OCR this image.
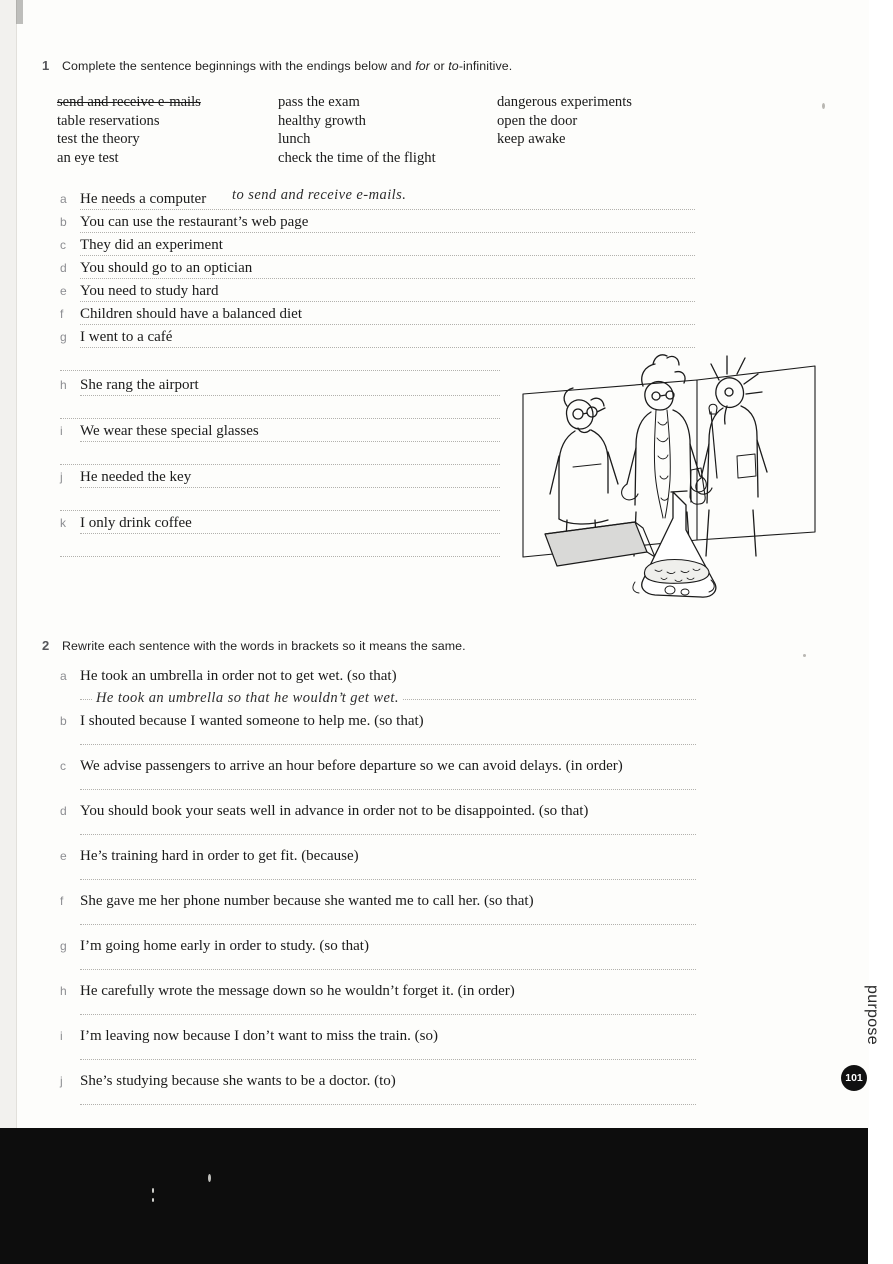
1 Complete the sentence beginnings with the endings below and for or to-infinitive.
send and receive e-mails
table reservations
test the theory
an eye test
pass the exam
healthy growth
lunch
check the time of the flight
dangerous experiments
open the door
keep awake
a He needs a computer	to send and receive e-mails.
b You can use the restaurant’s web page
c They did an experiment
d You should go to an optician
e You need to study hard
f	Children should have a balanced diet
g I went to a café
h She rang the airport
i	We wear these special glasses
j	He needed the key
k I only drink coffee
2 Rewrite each sentence with the words in brackets so it means the same.
a He took an umbrella in order not to get wet. (so that)
He took an umbrella so that he wouldn’t get wet.
b I shouted because I wanted someone to help me. (so that)
c We advise passengers to arrive an hour before departure so we can avoid delays. (in order)
d You should book your seats well in advance in order not to be disappointed. (so that)
e He’s training hard in order to get fit. (because)
f	She gave me her phone number because she wanted me to call her. (so that)
g I’m going home early in order to study. (so that)
h He carefully wrote the message down so he wouldn’t forget it. (in order)
i	I’m leaving now because I don’t want to miss the train. (so)
j	She’s studying because she wants to be a doctor. (to)
purpose
101
